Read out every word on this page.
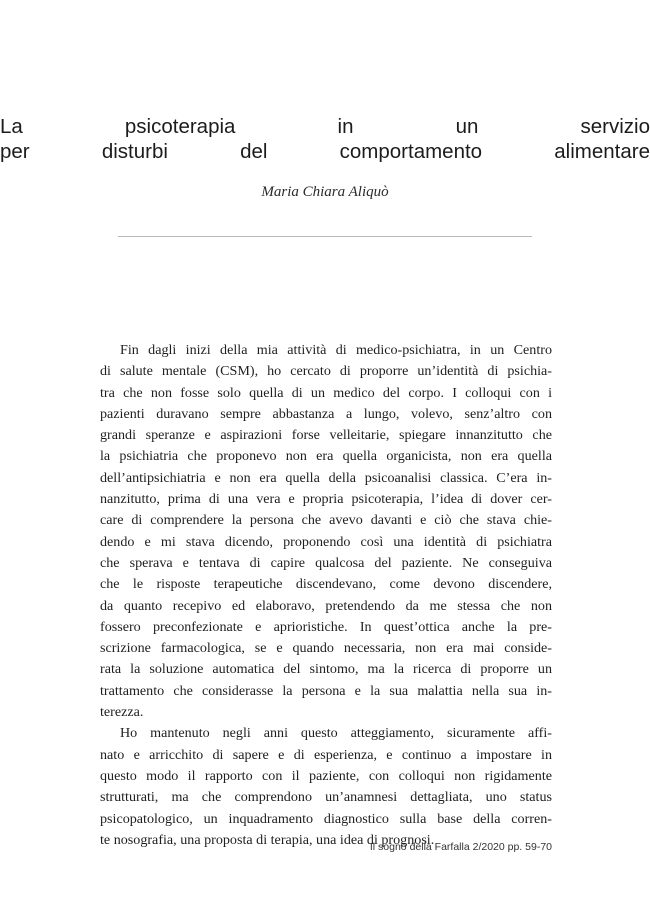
La psicoterapia in un servizio
per disturbi del comportamento alimentare
Maria Chiara Aliquò

Fin dagli inizi della mia attività di medico-psichiatra, in un Centro
di salute mentale (CSM), ho cercato di proporre un’identità di psichia-
tra che non fosse solo quella di un medico del corpo. I colloqui con i
pazienti duravano sempre abbastanza a lungo, volevo, senz’altro con
grandi speranze e aspirazioni forse velleitarie, spiegare innanzitutto che
la psichiatria che proponevo non era quella organicista, non era quella
dell’antipsichiatria e non era quella della psicoanalisi classica. C’era in-
nanzitutto, prima di una vera e propria psicoterapia, l’idea di dover cer-
care di comprendere la persona che avevo davanti e ciò che stava chie-
dendo e mi stava dicendo, proponendo così una identità di psichiatra
che sperava e tentava di capire qualcosa del paziente. Ne conseguiva
che le risposte terapeutiche discendevano, come devono discendere,
da quanto recepivo ed elaboravo, pretendendo da me stessa che non
fossero preconfezionate e aprioristiche. In quest’ottica anche la pre-
scrizione farmacologica, se e quando necessaria, non era mai conside-
rata la soluzione automatica del sintomo, ma la ricerca di proporre un
trattamento che considerasse la persona e la sua malattia nella sua in-
terezza.

Ho mantenuto negli anni questo atteggiamento, sicuramente affi-
nato e arricchito di sapere e di esperienza, e continuo a impostare in
questo modo il rapporto con il paziente, con colloqui non rigidamente
strutturati, ma che comprendono un’anamnesi dettagliata, uno status
psicopatologico, un inquadramento diagnostico sulla base della corren-
te nosografia, una proposta di terapia, una idea di prognosi.

Il sogno della Farfalla 2/2020 pp. 59-70
